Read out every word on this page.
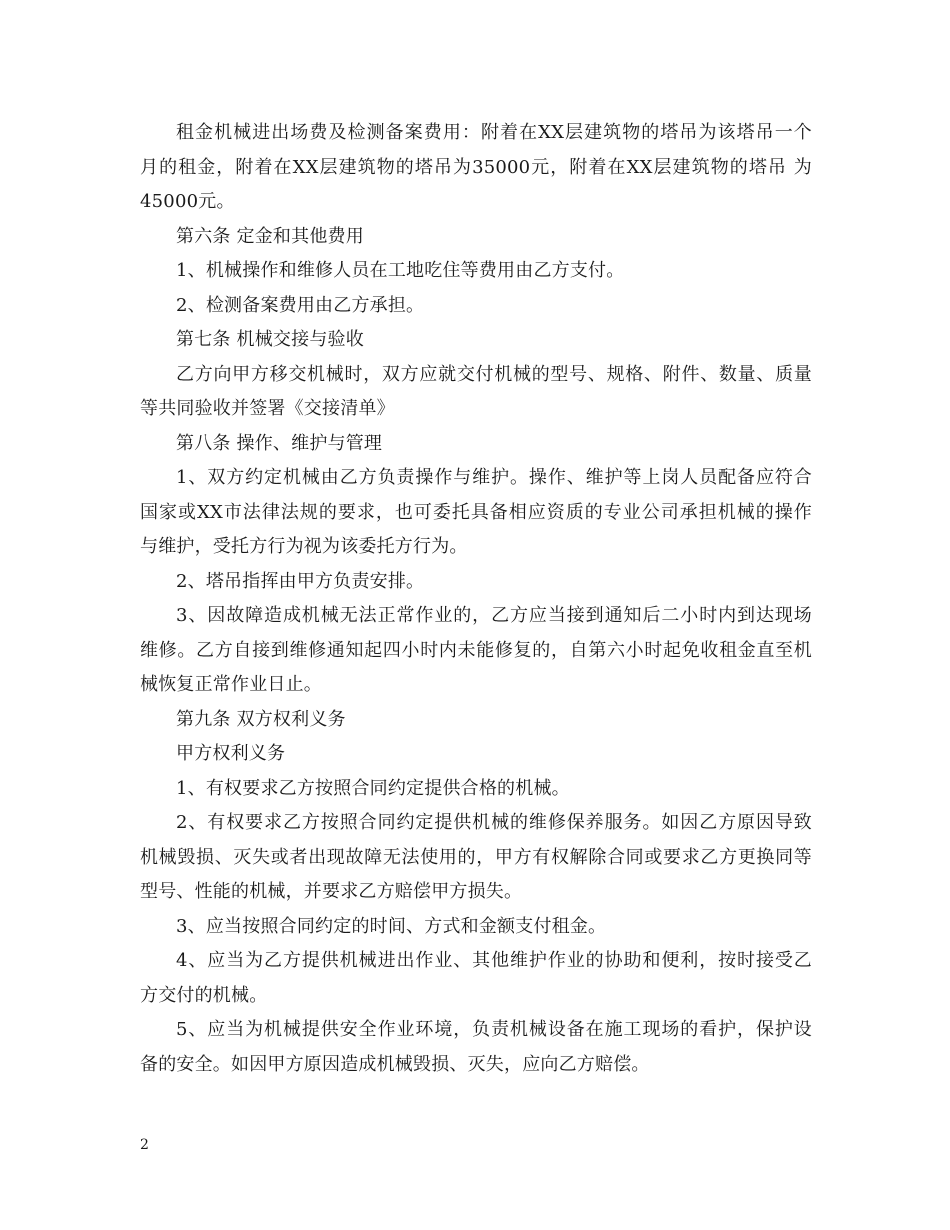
租金机械进出场费及检测备案费用：附着在XX层建筑物的塔吊为该塔吊一个
月的租金，附着在XX层建筑物的塔吊为35000元，附着在XX层建筑物的塔吊 为
45000元。
第六条 定金和其他费用
1、机械操作和维修人员在工地吃住等费用由乙方支付。
2、检测备案费用由乙方承担。
第七条 机械交接与验收
乙方向甲方移交机械时，双方应就交付机械的型号、规格、附件、数量、质量
等共同验收并签署《交接清单》
第八条 操作、维护与管理
1、双方约定机械由乙方负责操作与维护。操作、维护等上岗人员配备应符合
国家或XX市法律法规的要求，也可委托具备相应资质的专业公司承担机械的操作
与维护，受托方行为视为该委托方行为。
2、塔吊指挥由甲方负责安排。
3、因故障造成机械无法正常作业的，乙方应当接到通知后二小时内到达现场
维修。乙方自接到维修通知起四小时内未能修复的，自第六小时起免收租金直至机
械恢复正常作业日止。
第九条 双方权利义务
甲方权利义务
1、有权要求乙方按照合同约定提供合格的机械。
2、有权要求乙方按照合同约定提供机械的维修保养服务。如因乙方原因导致
机械毁损、灭失或者出现故障无法使用的，甲方有权解除合同或要求乙方更换同等
型号、性能的机械，并要求乙方赔偿甲方损失。
3、应当按照合同约定的时间、方式和金额支付租金。
4、应当为乙方提供机械进出作业、其他维护作业的协助和便利，按时接受乙
方交付的机械。
5、应当为机械提供安全作业环境，负责机械设备在施工现场的看护，保护设
备的安全。如因甲方原因造成机械毁损、灭失，应向乙方赔偿。
2
